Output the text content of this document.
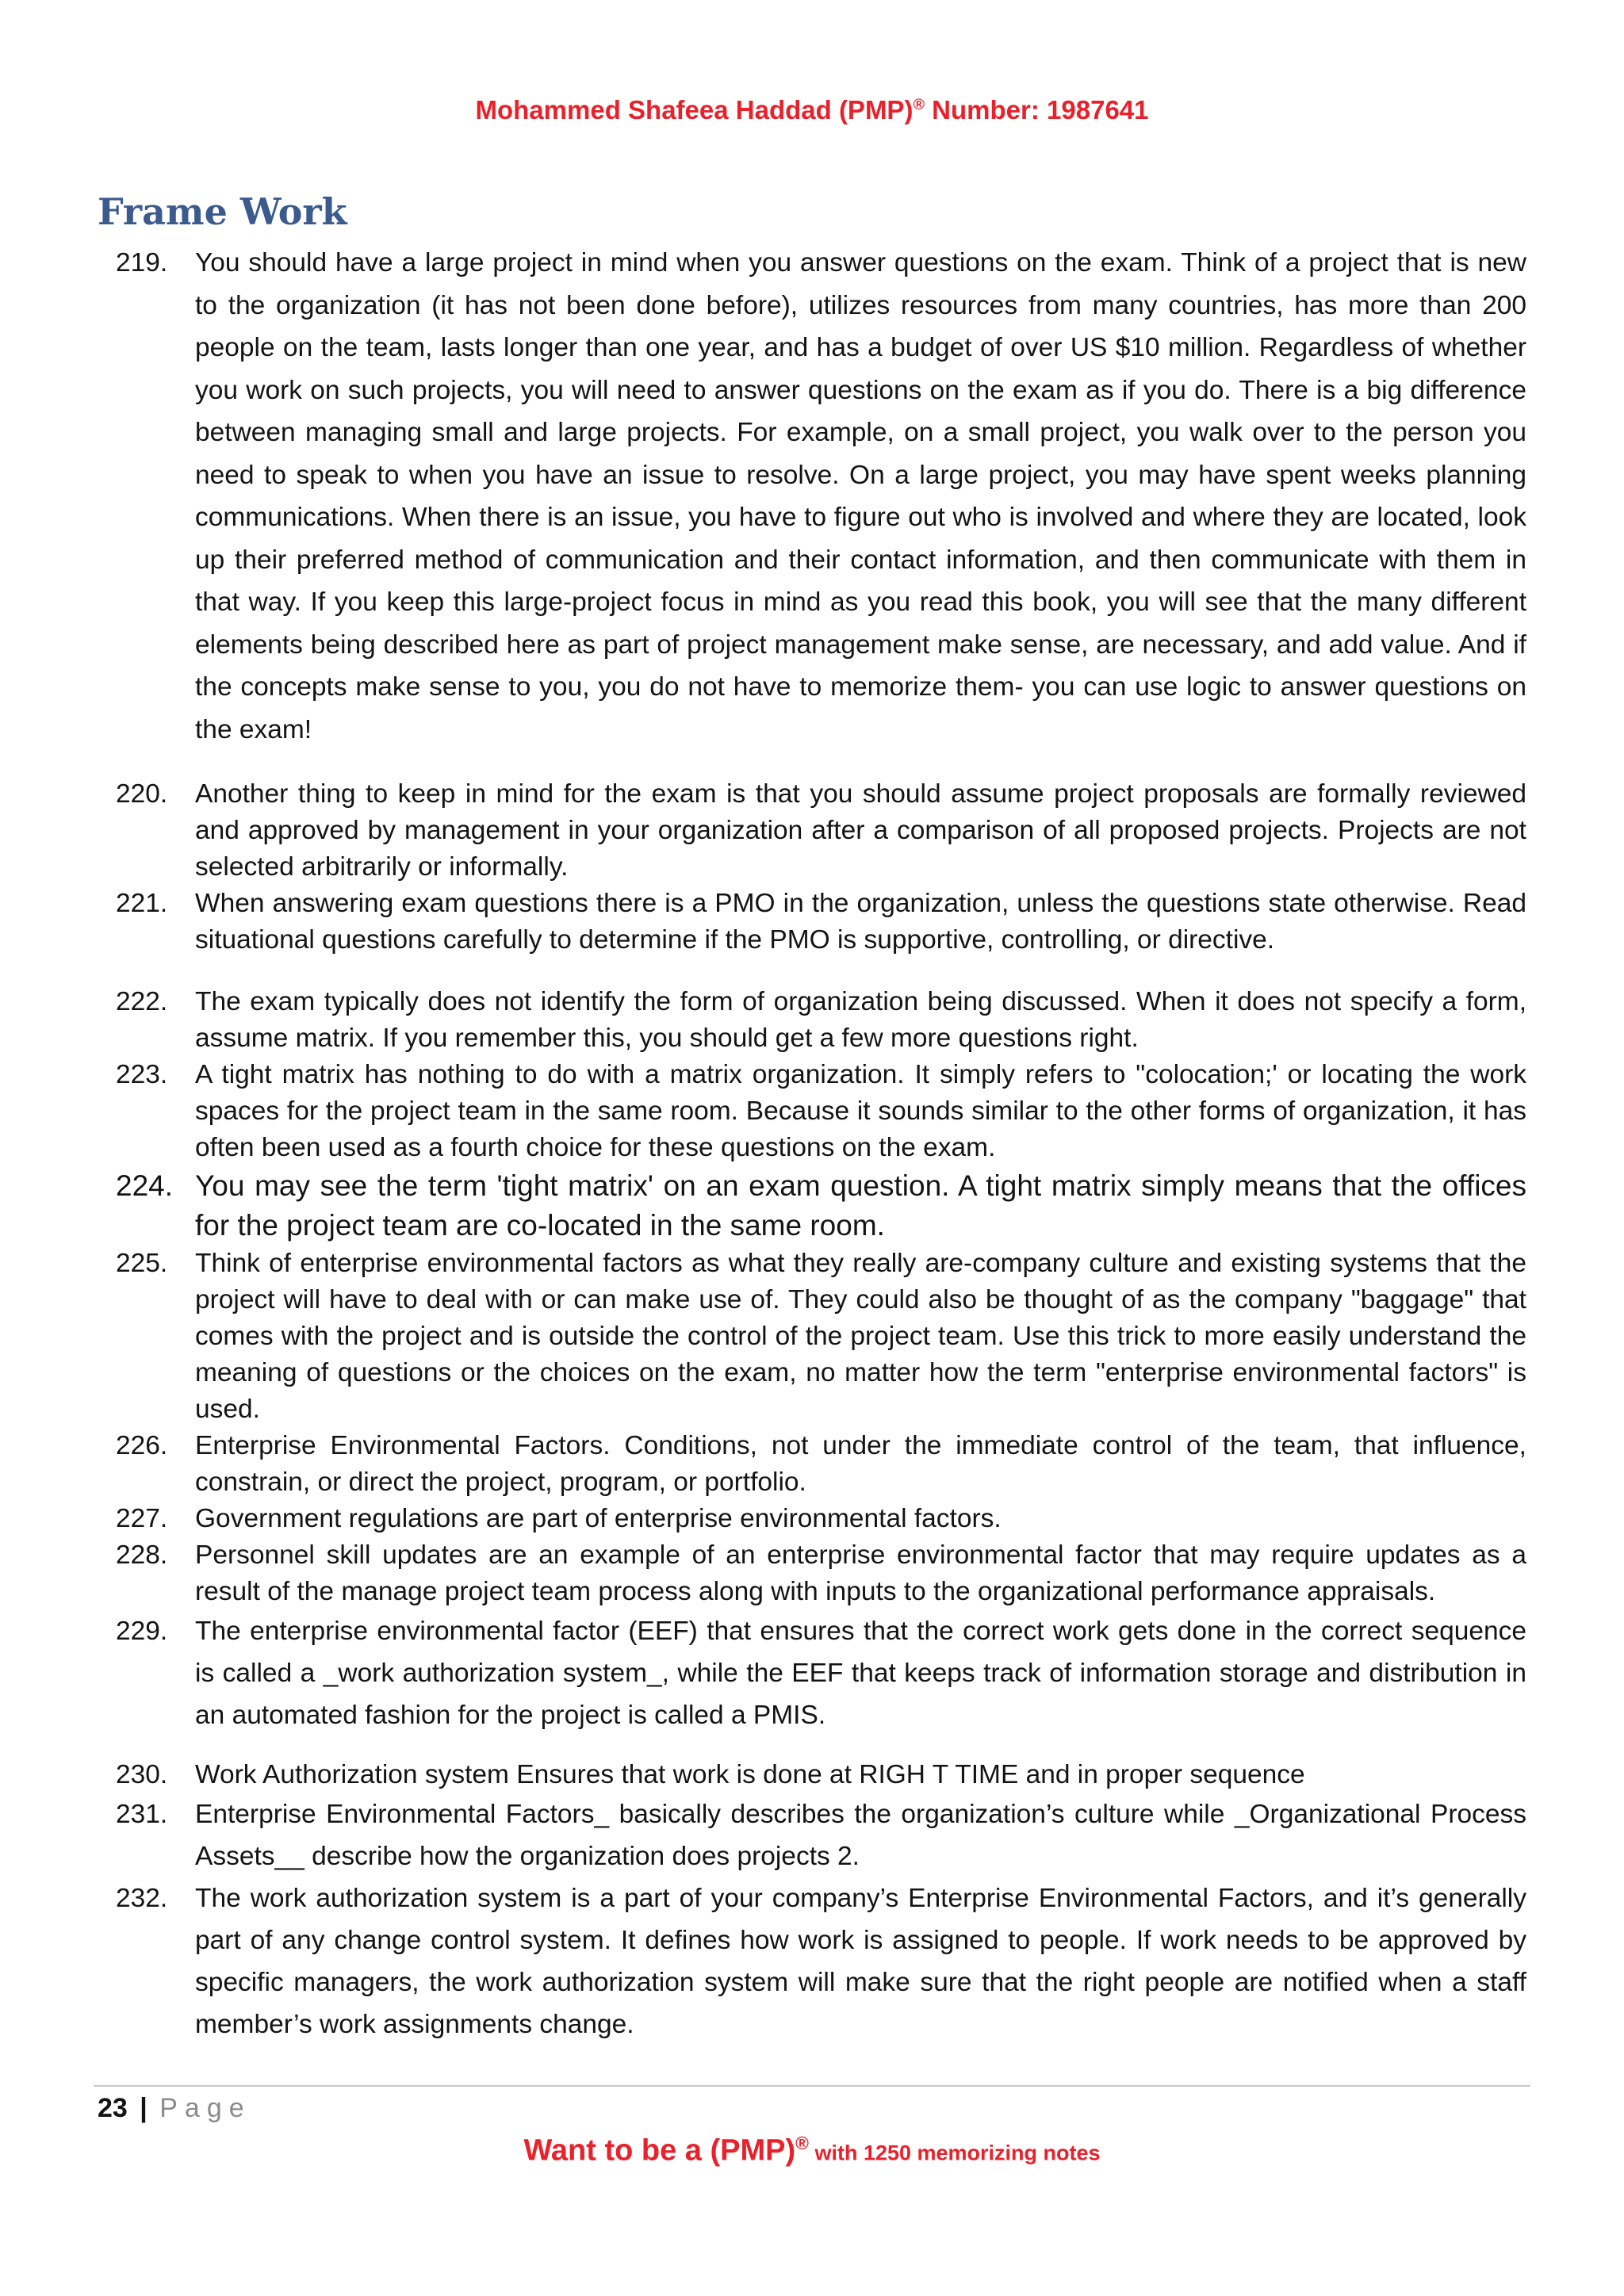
Mohammed Shafeea Haddad (PMP)® Number: 1987641
Frame Work
219. You should have a large project in mind when you answer questions on the exam. Think of a project that is new to the organization (it has not been done before), utilizes resources from many countries, has more than 200 people on the team, lasts longer than one year, and has a budget of over US $10 million. Regardless of whether you work on such projects, you will need to answer questions on the exam as if you do. There is a big difference between managing small and large projects. For example, on a small project, you walk over to the person you need to speak to when you have an issue to resolve. On a large project, you may have spent weeks planning communications. When there is an issue, you have to figure out who is involved and where they are located, look up their preferred method of communication and their contact information, and then communicate with them in that way. If you keep this large-project focus in mind as you read this book, you will see that the many different elements being described here as part of project management make sense, are necessary, and add value. And if the concepts make sense to you, you do not have to memorize them- you can use logic to answer questions on the exam!
220. Another thing to keep in mind for the exam is that you should assume project proposals are formally reviewed and approved by management in your organization after a comparison of all proposed projects. Projects are not selected arbitrarily or informally.
221. When answering exam questions there is a PMO in the organization, unless the questions state otherwise. Read situational questions carefully to determine if the PMO is supportive, controlling, or directive.
222. The exam typically does not identify the form of organization being discussed. When it does not specify a form, assume matrix. If you remember this, you should get a few more questions right.
223. A tight matrix has nothing to do with a matrix organization. It simply refers to "colocation;' or locating the work spaces for the project team in the same room. Because it sounds similar to the other forms of organization, it has often been used as a fourth choice for these questions on the exam.
224. You may see the term 'tight matrix' on an exam question. A tight matrix simply means that the offices for the project team are co-located in the same room.
225. Think of enterprise environmental factors as what they really are-company culture and existing systems that the project will have to deal with or can make use of. They could also be thought of as the company "baggage" that comes with the project and is outside the control of the project team. Use this trick to more easily understand the meaning of questions or the choices on the exam, no matter how the term "enterprise environmental factors" is used.
226. Enterprise Environmental Factors. Conditions, not under the immediate control of the team, that influence, constrain, or direct the project, program, or portfolio.
227. Government regulations are part of enterprise environmental factors.
228. Personnel skill updates are an example of an enterprise environmental factor that may require updates as a result of the manage project team process along with inputs to the organizational performance appraisals.
229. The enterprise environmental factor (EEF) that ensures that the correct work gets done in the correct sequence is called a _work authorization system_, while the EEF that keeps track of information storage and distribution in an automated fashion for the project is called a PMIS.
230. Work Authorization system Ensures that work is done at RIGH T TIME and in proper sequence
231. Enterprise Environmental Factors_ basically describes the organization’s culture while _Organizational Process Assets__ describe how the organization does projects 2.
232. The work authorization system is a part of your company’s Enterprise Environmental Factors, and it’s generally part of any change control system. It defines how work is assigned to people. If work needs to be approved by specific managers, the work authorization system will make sure that the right people are notified when a staff member’s work assignments change.
23 | Page
Want to be a (PMP)® with 1250 memorizing notes
